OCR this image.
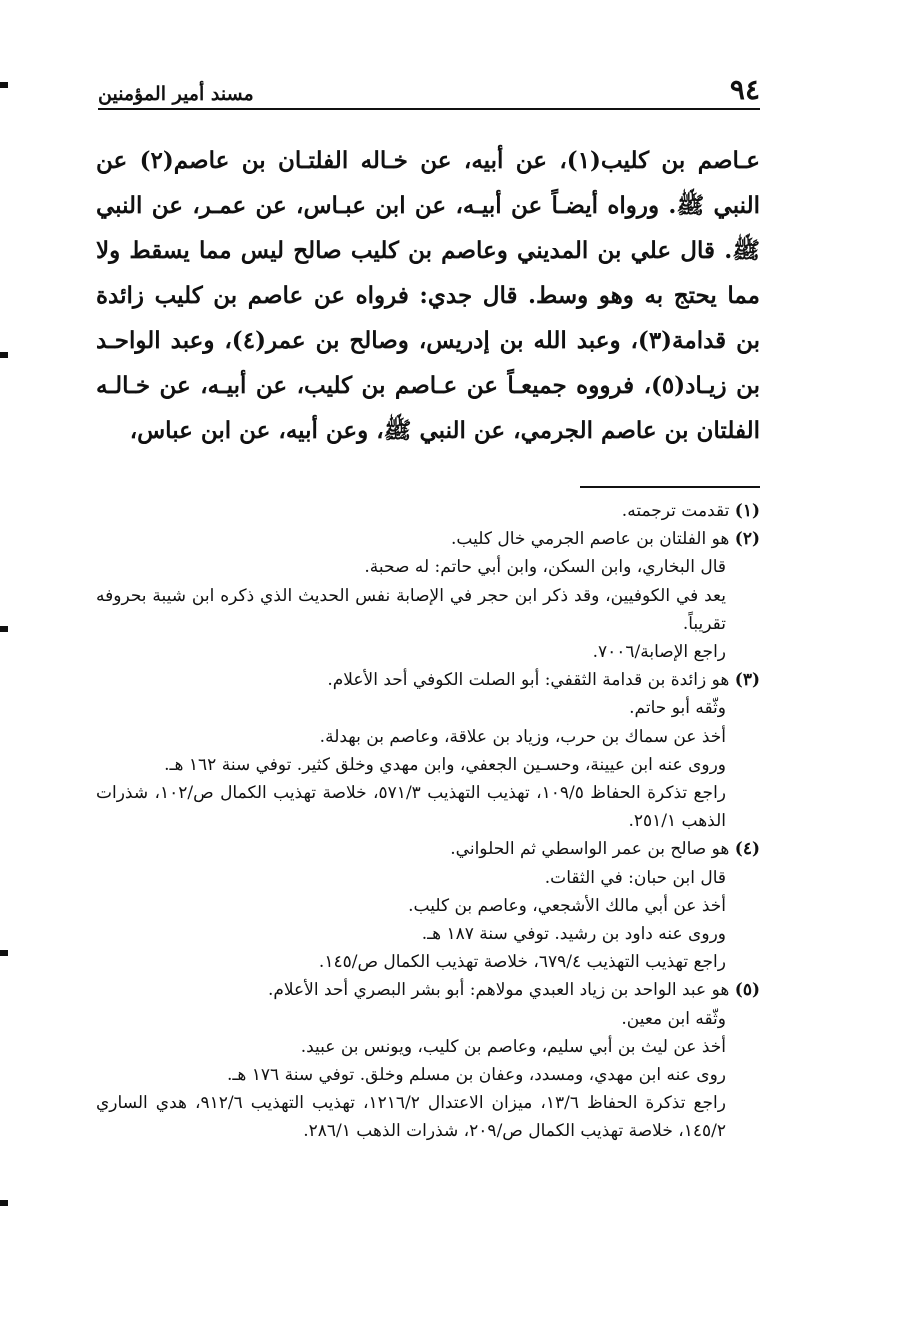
٩٤
مسند أمير المؤمنين

عـاصم بن كليب(١)، عن أبيه، عن خـاله الفلتـان بن عاصم(٢) عن النبي ﷺ. ورواه أيضـاً عن أبيـه، عن ابن عبـاس، عن عمـر، عن النبي ﷺ. قال علي بن المديني وعاصم بن كليب صالح ليس مما يسقط ولا مما يحتج به وهو وسط. قال جدي: فرواه عن عاصم بن كليب زائدة بن قدامة(٣)، وعبد الله بن إدريس، وصالح بن عمر(٤)، وعبد الواحـد بن زيـاد(٥)، فرووه جميعـاً عن عـاصم بن كليب، عن أبيـه، عن خـالـه الفلتان بن عاصم الجرمي، عن النبي ﷺ، وعن أبيه، عن ابن عباس،

(١) تقدمت ترجمته.

(٢) هو الفلتان بن عاصم الجرمي خال كليب.

قال البخاري، وابن السكن، وابن أبي حاتم: له صحبة.

يعد في الكوفيين، وقد ذكر ابن حجر في الإصابة نفس الحديث الذي ذكره ابن شيبة بحروفه تقريباً.

راجع الإصابة/٧٠٠٦.

(٣) هو زائدة بن قدامة الثقفي: أبو الصلت الكوفي أحد الأعلام.

وثّقه أبو حاتم.

أخذ عن سماك بن حرب، وزياد بن علاقة، وعاصم بن بهدلة.

وروى عنه ابن عيينة، وحسـين الجعفي، وابن مهدي وخلق كثير. توفي سنة ١٦٢ هـ.

راجع تذكرة الحفاظ ١٠٩/٥، تهذيب التهذيب ٥٧١/٣، خلاصة تهذيب الكمال ص/١٠٢، شذرات الذهب ٢٥١/١.

(٤) هو صالح بن عمر الواسطي ثم الحلواني.

قال ابن حبان: في الثقات.

أخذ عن أبي مالك الأشجعي، وعاصم بن كليب.

وروى عنه داود بن رشيد. توفي سنة ١٨٧ هـ.

راجع تهذيب التهذيب ٦٧٩/٤، خلاصة تهذيب الكمال ص/١٤٥.

(٥) هو عبد الواحد بن زياد العبدي مولاهم: أبو بشر البصري أحد الأعلام.

وثّقه ابن معين.

أخذ عن ليث بن أبي سليم، وعاصم بن كليب، ويونس بن عبيد.

روى عنه ابن مهدي، ومسدد، وعفان بن مسلم وخلق. توفي سنة ١٧٦ هـ.

راجع تذكرة الحفاظ ١٣/٦، ميزان الاعتدال ١٢١٦/٢، تهذيب التهذيب ٩١٢/٦، هدي الساري ١٤٥/٢، خلاصة تهذيب الكمال ص/٢٠٩، شذرات الذهب ٢٨٦/١.
